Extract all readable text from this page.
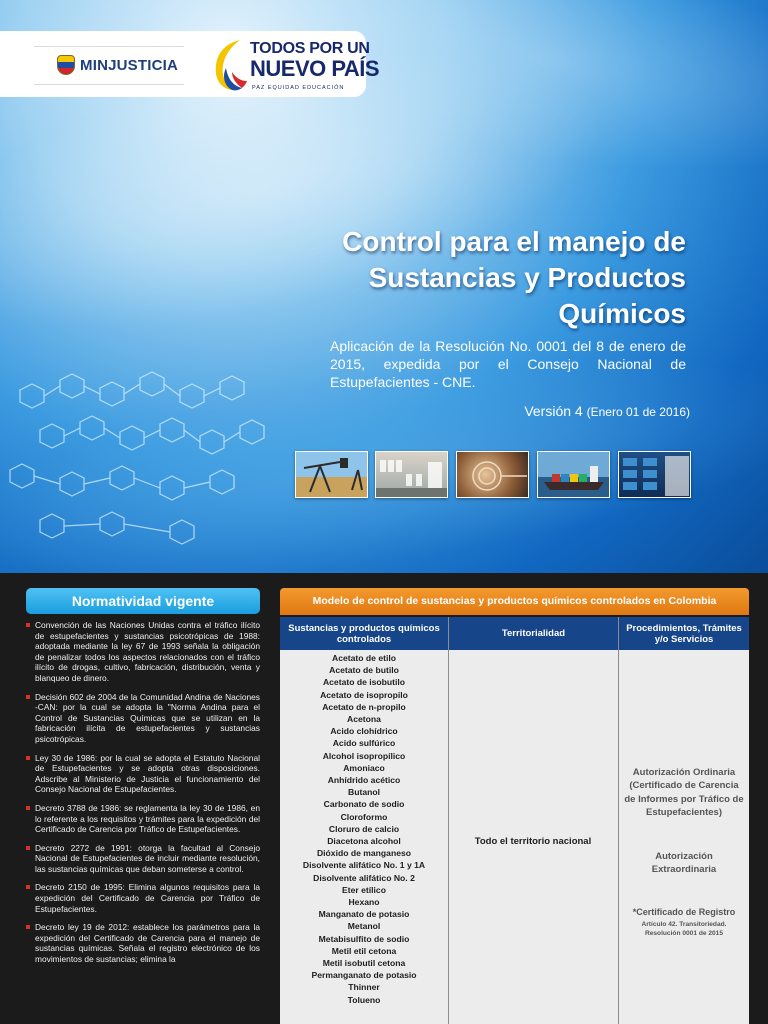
MINJUSTICIA
TODOS POR UN
NUEVO PAÍS
PAZ EQUIDAD EDUCACIÓN
Control para el manejo de
Sustancias y Productos
Químicos
Aplicación de la Resolución No. 0001 del 8 de enero de 2015, expedida por el Consejo Nacional de Estupefacientes - CNE.
Versión 4 (Enero 01 de 2016)
Normatividad vigente
Convención de las Naciones Unidas contra el tráfico ilícito de estupefacientes y sustancias psicotrópicas de 1988: adoptada mediante la ley 67 de 1993 señala la obligación de penalizar todos los aspectos relacionados con el tráfico ilícito de drogas, cultivo, fabricación, distribución, venta y blanqueo de dinero.
Decisión 602 de 2004 de la Comunidad Andina de Naciones -CAN: por la cual se adopta la "Norma Andina para el Control de Sustancias Químicas que se utilizan en la fabricación ilícita de estupefacientes y sustancias psicotrópicas.
Ley 30 de 1986: por la cual se adopta el Estatuto Nacional de Estupefacientes y se adopta otras disposiciones. Adscribe al Ministerio de Justicia el funcionamiento del Consejo Nacional de Estupefacientes.
Decreto 3788 de 1986: se reglamenta la ley 30 de 1986, en lo referente a los requisitos y trámites para la expedición del Certificado de Carencia por Tráfico de Estupefacientes.
Decreto 2272 de 1991: otorga la facultad al Consejo Nacional de Estupefacientes de incluir mediante resolución, las sustancias químicas que deban someterse a control.
Decreto 2150 de 1995: Elimina algunos requisitos para la expedición del Certificado de Carencia por Tráfico de Estupefacientes.
Decreto ley 19 de 2012: establece los parámetros para la expedición del Certificado de Carencia para el manejo de sustancias químicas. Señala el registro electrónico de los movimientos de sustancias; elimina la
Modelo de control de sustancias y productos químicos controlados en Colombia
Sustancias y productos químicos controlados	Territorialidad	Procedimientos, Trámites y/o Servicios
Acetato de etilo
Acetato de butilo
Acetato de isobutilo
Acetato de isopropilo
Acetato de n-propilo
Acetona
Acido clohídrico
Acido sulfúrico
Alcohol isopropílico
Amoniaco
Anhídrido acético
Butanol
Carbonato de sodio
Cloroformo
Cloruro de calcio
Diacetona alcohol
Dióxido de manganeso
Disolvente alifático No. 1 y 1A
Disolvente alifático No. 2
Eter etílico
Hexano
Manganato de potasio
Metanol
Metabisulfito de sodio
Metil etil cetona
Metil isobutil cetona
Permanganato de potasio
Thinner
Tolueno
Todo el territorio nacional
Autorización Ordinaria (Certificado de Carencia de Informes por Tráfico de Estupefacientes)
Autorización Extraordinaria
*Certificado de Registro
Artículo 42. Transitoriedad. Resolución 0001 de 2015
